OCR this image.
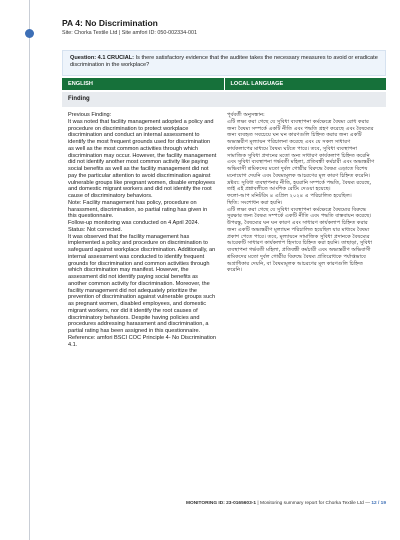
PA 4: No Discrimination
Site: Chorka Textile Ltd | Site amfori ID: 050-002334-001

Question: 4.1 CRUCIAL: Is there satisfactory evidence that the auditee takes the necessary measures to avoid or eradicate discrimination in the workplace?

ENGLISH	LOCAL LANGUAGE
Finding
Previous Finding:
It was noted that facility management adopted a policy and procedure on discrimination to protect workplace discrimination and conduct an internal assessment to identify the most frequent grounds used for discrimination as well as the most common activities through which discrimination may occur. However, the facility management did not identify another most common activity like paying social benefits as well as the facility management did not pay the particular attention to avoid discrimination against vulnerable groups like pregnant women, disable employees and domestic migrant workers and did not identify the root cause of discriminatory behaviors.
Note: Facility management has policy, procedure on harassment, discrimination, so partial rating has given in this questionnaire.
Follow-up monitoring was conducted on 4 April 2024.
Status: Not corrected.
It was observed that the facility management has implemented a policy and procedure on discrimination to safeguard against workplace discrimination. Additionally, an internal assessment was conducted to identify frequent grounds for discrimination and common activities through which discrimination may manifest. However, the assessment did not identify paying social benefits as another common activity for discrimination. Moreover, the facility management did not adequately prioritize the prevention of discrimination against vulnerable groups such as pregnant women, disabled employees, and domestic migrant workers, nor did it identify the root causes of discriminatory behaviors. Despite having policies and procedures addressing harassment and discrimination, a partial rating has been assigned in this questionnaire.
Reference: amfori BSCI COC Principle 4- No Discrimination 4.1.
পূর্ববর্তী অনুসন্ধান:
এটি লক্ষ্য করা গেছে যে সুবিধা ব্যবস্থাপনা কর্মক্ষেত্রে বৈষম্য রোধ করার জন্য বৈষম্য সম্পর্কে একটি নীতি এবং পদ্ধতি গ্রহণ করেছে এবং বৈষম্যের জন্য ব্যবহৃত সবচেয়ে ঘন ঘন কারণগুলি চিহ্নিত করার জন্য একটি অভ্যন্তরীণ মূল্যায়ন পরিচালনা করেছে এবং যে সকল সাধারণ কার্যকলাপের মাধ্যমে বৈষম্য ঘটতে পারে। তবে, সুবিধা ব্যবস্থাপনা সামাজিক সুবিধা প্রদানের মতো অন্য সাধারণ কার্যকলাপ চিহ্নিত করেনি এবং সুবিধা ব্যবস্থাপনা গর্ভবতী মহিলা, প্রতিবন্ধী কর্মচারী এবং অভ্যন্তরীণ অভিবাসী শ্রমিকদের মতো দুর্বল গোষ্ঠীর বিরুদ্ধে বৈষম্য এড়াতে বিশেষ মনোযোগ দেয়নি এবং বৈষম্যমূলক আচরণের মূল কারণ চিহ্নিত করেনি।
দ্রষ্টব্য: সুবিধা ব্যবস্থাপনার নীতি, হয়রানি সম্পর্কে পদ্ধতি, বৈষম্য রয়েছে, তাই এই প্রশ্নাবলীতে আংশিক রেটিং দেওয়া হয়েছে।
ফলো-আপ মনিটরিং ৪ এপ্রিল ২০২৪ এ পরিচালিত হয়েছিল।
স্থিতি: সংশোধন করা হয়নি।
এটি লক্ষ্য করা গেছে যে সুবিধা ব্যবস্থাপনা কর্মক্ষেত্রে বৈষম্যের বিরুদ্ধে সুরক্ষার জন্য বৈষম্য সম্পর্কে একটি নীতি এবং পদ্ধতি বাস্তবায়ন করেছে। উপরন্তু, বৈষম্যের ঘন ঘন কারণ এবং সাধারণ কার্যকলাপ চিহ্নিত করার জন্য একটি অভ্যন্তরীণ মূল্যায়ন পরিচালিত হয়েছিল যার মাধ্যমে বৈষম্য প্রকাশ পেতে পারে। তবে, মূল্যায়নে সামাজিক সুবিধা প্রদানকে বৈষম্যের আরেকটি সাধারণ কার্যকলাপ হিসাবে চিহ্নিত করা হয়নি। তাছাড়া, সুবিধা ব্যবস্থাপনা গর্ভবতী মহিলা, প্রতিবন্ধী কর্মচারী এবং অভ্যন্তরীণ অভিবাসী শ্রমিকদের মতো দুর্বল গোষ্ঠীর বিরুদ্ধে বৈষম্য প্রতিরোধকে পর্যাপ্তভাবে অগ্রাধিকার দেয়নি, বা বৈষম্যমূলক আচরণের মূল কারণগুলি চিহ্নিত করেনি।
MONITORING ID: 23-0165603-1 | Monitoring summary report for Chorka Textile Ltd — 12 / 19
